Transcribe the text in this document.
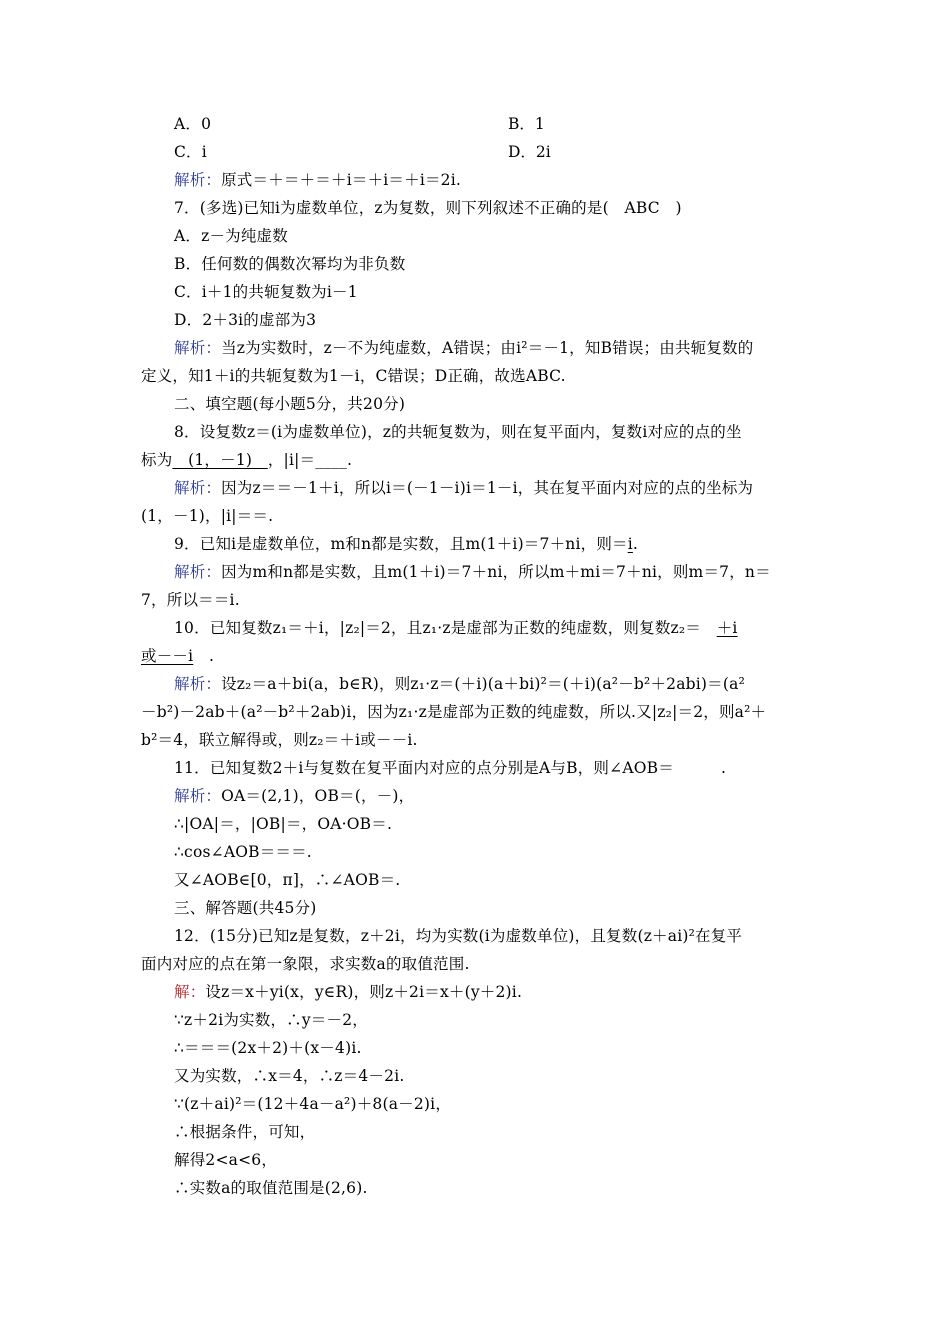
A．0	B．1
C．i	D．2i
解析：原式＝＋＝＋＝＋i＝＋i＝＋i＝2i.
7．(多选)已知i为虚数单位，z为复数，则下列叙述不正确的是(　ABC　)
A．z－为纯虚数
B．任何数的偶数次幂均为非负数
C．i＋1的共轭复数为i－1
D．2＋3i的虚部为3
解析：当z为实数时，z－不为纯虚数，A错误；由i²＝－1，知B错误；由共轭复数的
定义，知1＋i的共轭复数为1－i，C错误；D正确，故选ABC.
二、填空题(每小题5分，共20分)
8．设复数z＝(i为虚数单位)，z的共轭复数为，则在复平面内，复数i对应的点的坐
标为　(1，－1)　，|i|＝____.
解析：因为z＝＝－1＋i，所以i＝(－1－i)i＝1－i，其在复平面内对应的点的坐标为
(1，－1)，|i|＝＝.
9．已知i是虚数单位，m和n都是实数，且m(1＋i)＝7＋ni，则＝i.
解析：因为m和n都是实数，且m(1＋i)＝7＋ni，所以m＋mi＝7＋ni，则m＝7，n＝
7，所以＝＝i.
10．已知复数z₁＝＋i，|z₂|＝2，且z₁·z是虚部为正数的纯虚数，则复数z₂＝　＋i
或－－i　.
解析：设z₂＝a＋bi(a，b∈R)，则z₁·z＝(＋i)(a＋bi)²＝(＋i)(a²－b²＋2abi)＝(a²
－b²)－2ab＋(a²－b²＋2ab)i，因为z₁·z是虚部为正数的纯虚数，所以.又|z₂|＝2，则a²＋
b²＝4，联立解得或，则z₂＝＋i或－－i.
11．已知复数2＋i与复数在复平面内对应的点分别是A与B，则∠AOB＝　　　.
解析：OA＝(2,1)，OB＝(，－)，
∴|OA|＝，|OB|＝，OA·OB＝.
∴cos∠AOB＝＝＝.
又∠AOB∈[0，π]，∴∠AOB＝.
三、解答题(共45分)
12．(15分)已知z是复数，z＋2i，均为实数(i为虚数单位)，且复数(z＋ai)²在复平
面内对应的点在第一象限，求实数a的取值范围.
解：设z＝x＋yi(x，y∈R)，则z＋2i＝x＋(y＋2)i.
∵z＋2i为实数，∴y＝－2，
∴＝＝＝(2x＋2)＋(x－4)i.
又为实数，∴x＝4，∴z＝4－2i.
∵(z＋ai)²＝(12＋4a－a²)＋8(a－2)i，
∴根据条件，可知，
解得2<a<6，
∴实数a的取值范围是(2,6).
